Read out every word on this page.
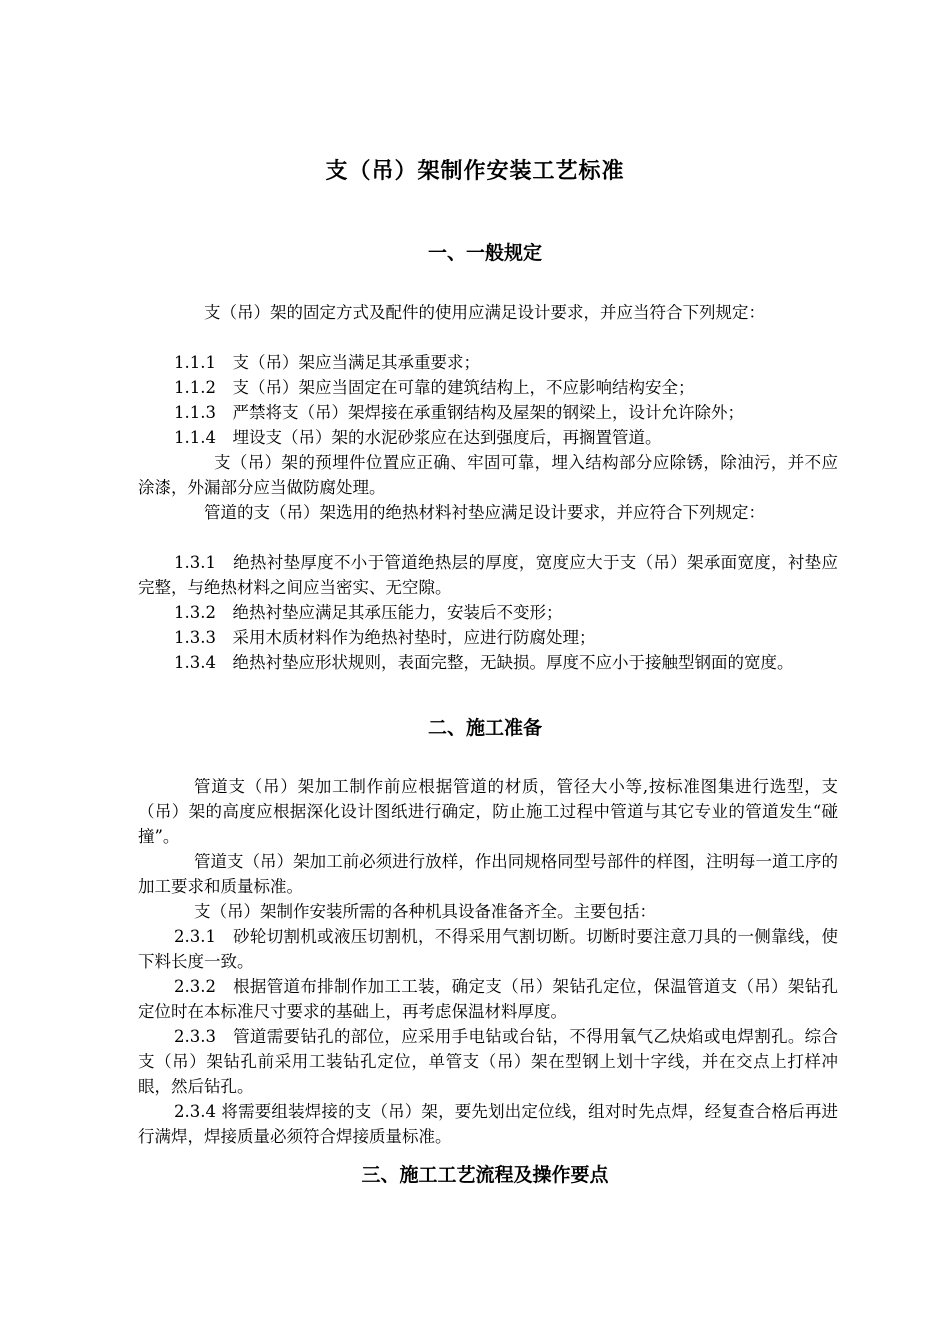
支（吊）架制作安装工艺标准
一、一般规定

支（吊）架的固定方式及配件的使用应满足设计要求，并应当符合下列规定：

1.1.1　支（吊）架应当满足其承重要求；

1.1.2　支（吊）架应当固定在可靠的建筑结构上，不应影响结构安全；

1.1.3　严禁将支（吊）架焊接在承重钢结构及屋架的钢梁上，设计允许除外；

1.1.4　埋设支（吊）架的水泥砂浆应在达到强度后，再搁置管道。

支（吊）架的预埋件位置应正确、牢固可靠，埋入结构部分应除锈，除油污，并不应涂漆，外漏部分应当做防腐处理。

管道的支（吊）架选用的绝热材料衬垫应满足设计要求，并应符合下列规定：

1.3.1　绝热衬垫厚度不小于管道绝热层的厚度，宽度应大于支（吊）架承面宽度，衬垫应完整，与绝热材料之间应当密实、无空隙。

1.3.2　绝热衬垫应满足其承压能力，安装后不变形；

1.3.3　采用木质材料作为绝热衬垫时，应进行防腐处理；

1.3.4　绝热衬垫应形状规则，表面完整，无缺损。厚度不应小于接触型钢面的宽度。

二、施工准备

管道支（吊）架加工制作前应根据管道的材质，管径大小等,按标准图集进行选型，支（吊）架的高度应根据深化设计图纸进行确定，防止施工过程中管道与其它专业的管道发生“碰撞”。

管道支（吊）架加工前必须进行放样，作出同规格同型号部件的样图，注明每一道工序的加工要求和质量标准。

支（吊）架制作安装所需的各种机具设备准备齐全。主要包括：

2.3.1　砂轮切割机或液压切割机，不得采用气割切断。切断时要注意刀具的一侧靠线，使下料长度一致。

2.3.2　根据管道布排制作加工工装，确定支（吊）架钻孔定位，保温管道支（吊）架钻孔定位时在本标准尺寸要求的基础上，再考虑保温材料厚度。

2.3.3　管道需要钻孔的部位，应采用手电钻或台钻，不得用氧气乙炔焰或电焊割孔。综合支（吊）架钻孔前采用工装钻孔定位，单管支（吊）架在型钢上划十字线，并在交点上打样冲眼，然后钻孔。

2.3.4 将需要组装焊接的支（吊）架，要先划出定位线，组对时先点焊，经复查合格后再进行满焊，焊接质量必须符合焊接质量标准。

三、施工工艺流程及操作要点
